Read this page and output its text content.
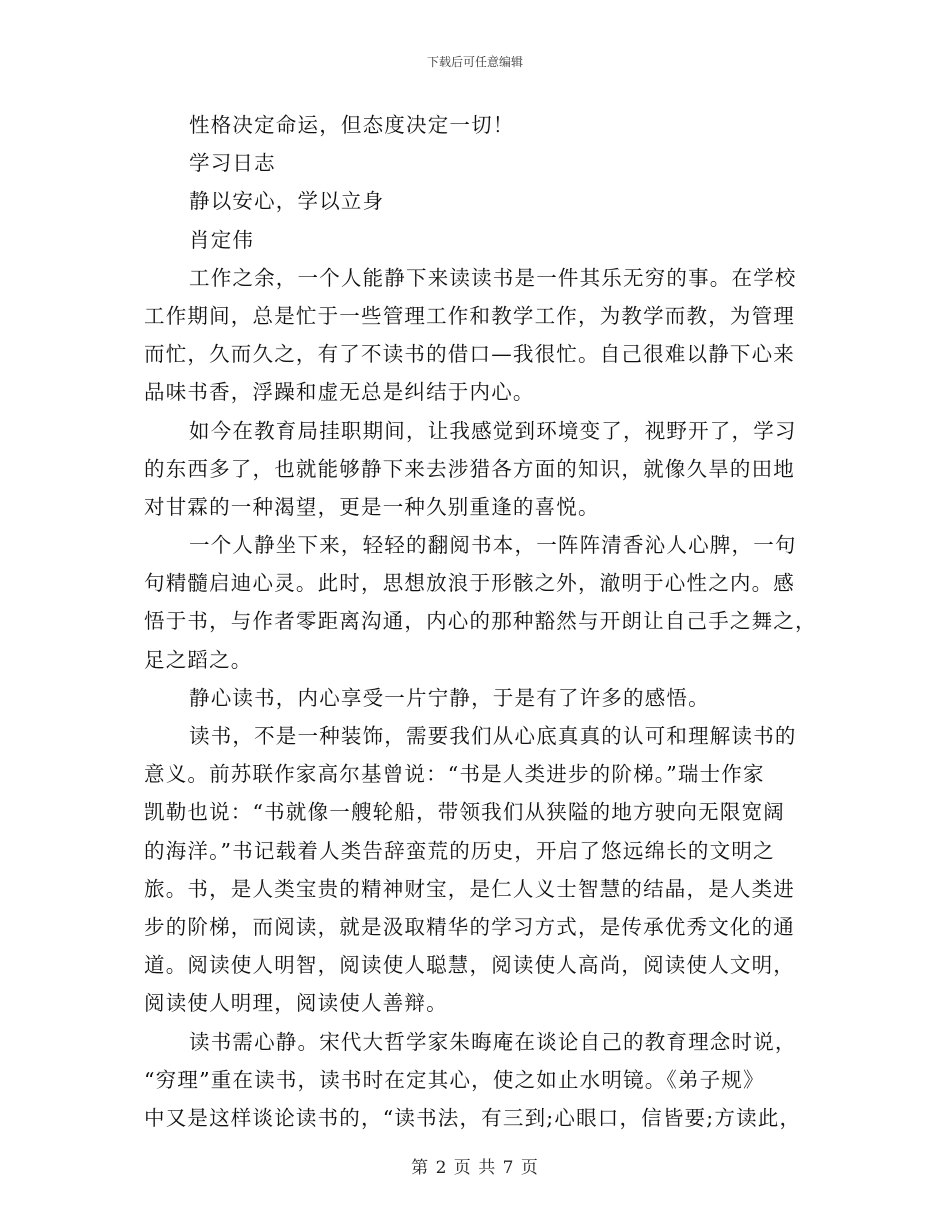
下载后可任意编辑
性格决定命运，但态度决定一切！
学习日志
静以安心，学以立身
肖定伟
工作之余，一个人能静下来读读书是一件其乐无穷的事。在学校
工作期间，总是忙于一些管理工作和教学工作，为教学而教，为管理
而忙，久而久之，有了不读书的借口—我很忙。自己很难以静下心来
品味书香，浮躁和虚无总是纠结于内心。
如今在教育局挂职期间，让我感觉到环境变了，视野开了，学习
的东西多了，也就能够静下来去涉猎各方面的知识，就像久旱的田地
对甘霖的一种渴望，更是一种久别重逢的喜悦。
一个人静坐下来，轻轻的翻阅书本，一阵阵清香沁人心脾，一句
句精髓启迪心灵。此时，思想放浪于形骸之外，澈明于心性之内。感
悟于书，与作者零距离沟通，内心的那种豁然与开朗让自己手之舞之，
足之蹈之。
静心读书，内心享受一片宁静，于是有了许多的感悟。
读书，不是一种装饰，需要我们从心底真真的认可和理解读书的
意义。前苏联作家高尔基曾说：“书是人类进步的阶梯。”瑞士作家
凯勒也说：“书就像一艘轮船，带领我们从狭隘的地方驶向无限宽阔
的海洋。”书记载着人类告辞蛮荒的历史，开启了悠远绵长的文明之
旅。书，是人类宝贵的精神财宝，是仁人义士智慧的结晶，是人类进
步的阶梯，而阅读，就是汲取精华的学习方式，是传承优秀文化的通
道。阅读使人明智，阅读使人聪慧，阅读使人高尚，阅读使人文明，
阅读使人明理，阅读使人善辩。
读书需心静。宋代大哲学家朱晦庵在谈论自己的教育理念时说，
“穷理”重在读书，读书时在定其心，使之如止水明镜。《弟子规》
中又是这样谈论读书的，“读书法，有三到;心眼口，信皆要;方读此，
第 2 页 共 7 页
